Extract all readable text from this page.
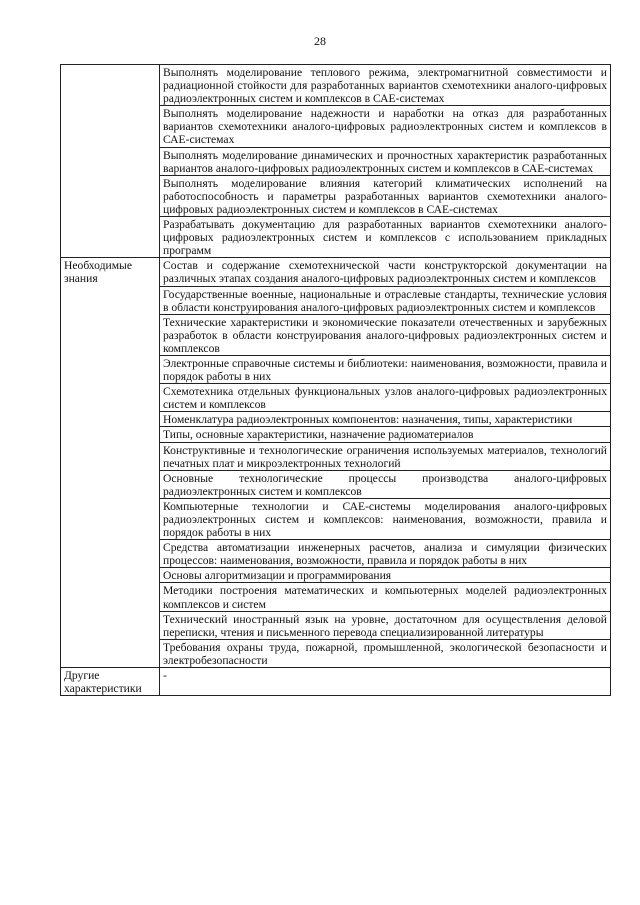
28
	Выполнять моделирование теплового режима, электромагнитной совместимости и радиационной стойкости для разработанных вариантов схемотехники аналого-цифровых радиоэлектронных систем и комплексов в САЕ-системах
	Выполнять моделирование надежности и наработки на отказ для разработанных вариантов схемотехники аналого-цифровых радиоэлектронных систем и комплексов в САЕ-системах
	Выполнять моделирование динамических и прочностных характеристик разработанных вариантов аналого-цифровых радиоэлектронных систем и комплексов в САЕ-системах
	Выполнять моделирование влияния категорий климатических исполнений на работоспособность и параметры разработанных вариантов схемотехники аналого-цифровых радиоэлектронных систем и комплексов в САЕ-системах
	Разрабатывать документацию для разработанных вариантов схемотехники аналого-цифровых радиоэлектронных систем и комплексов с использованием прикладных программ
Необходимые знания	Состав и содержание схемотехнической части конструкторской документации на различных этапах создания аналого-цифровых радиоэлектронных систем и комплексов
	Государственные военные, национальные и отраслевые стандарты, технические условия в области конструирования аналого-цифровых радиоэлектронных систем и комплексов
	Технические характеристики и экономические показатели отечественных и зарубежных разработок в области конструирования аналого-цифровых радиоэлектронных систем и комплексов
	Электронные справочные системы и библиотеки: наименования, возможности, правила и порядок работы в них
	Схемотехника отдельных функциональных узлов аналого-цифровых радиоэлектронных систем и комплексов
	Номенклатура радиоэлектронных компонентов: назначения, типы, характеристики
	Типы, основные характеристики, назначение радиоматериалов
	Конструктивные и технологические ограничения используемых материалов, технологий печатных плат и микроэлектронных технологий
	Основные технологические процессы производства аналого-цифровых радиоэлектронных систем и комплексов
	Компьютерные технологии и САЕ-системы моделирования аналого-цифровых радиоэлектронных систем и комплексов: наименования, возможности, правила и порядок работы в них
	Средства автоматизации инженерных расчетов, анализа и симуляции физических процессов: наименования, возможности, правила и порядок работы в них
	Основы алгоритмизации и программирования
	Методики построения математических и компьютерных моделей радиоэлектронных комплексов и систем
	Технический иностранный язык на уровне, достаточном для осуществления деловой переписки, чтения и письменного перевода специализированной литературы
	Требования охраны труда, пожарной, промышленной, экологической безопасности и электробезопасности
Другие характеристики	-
